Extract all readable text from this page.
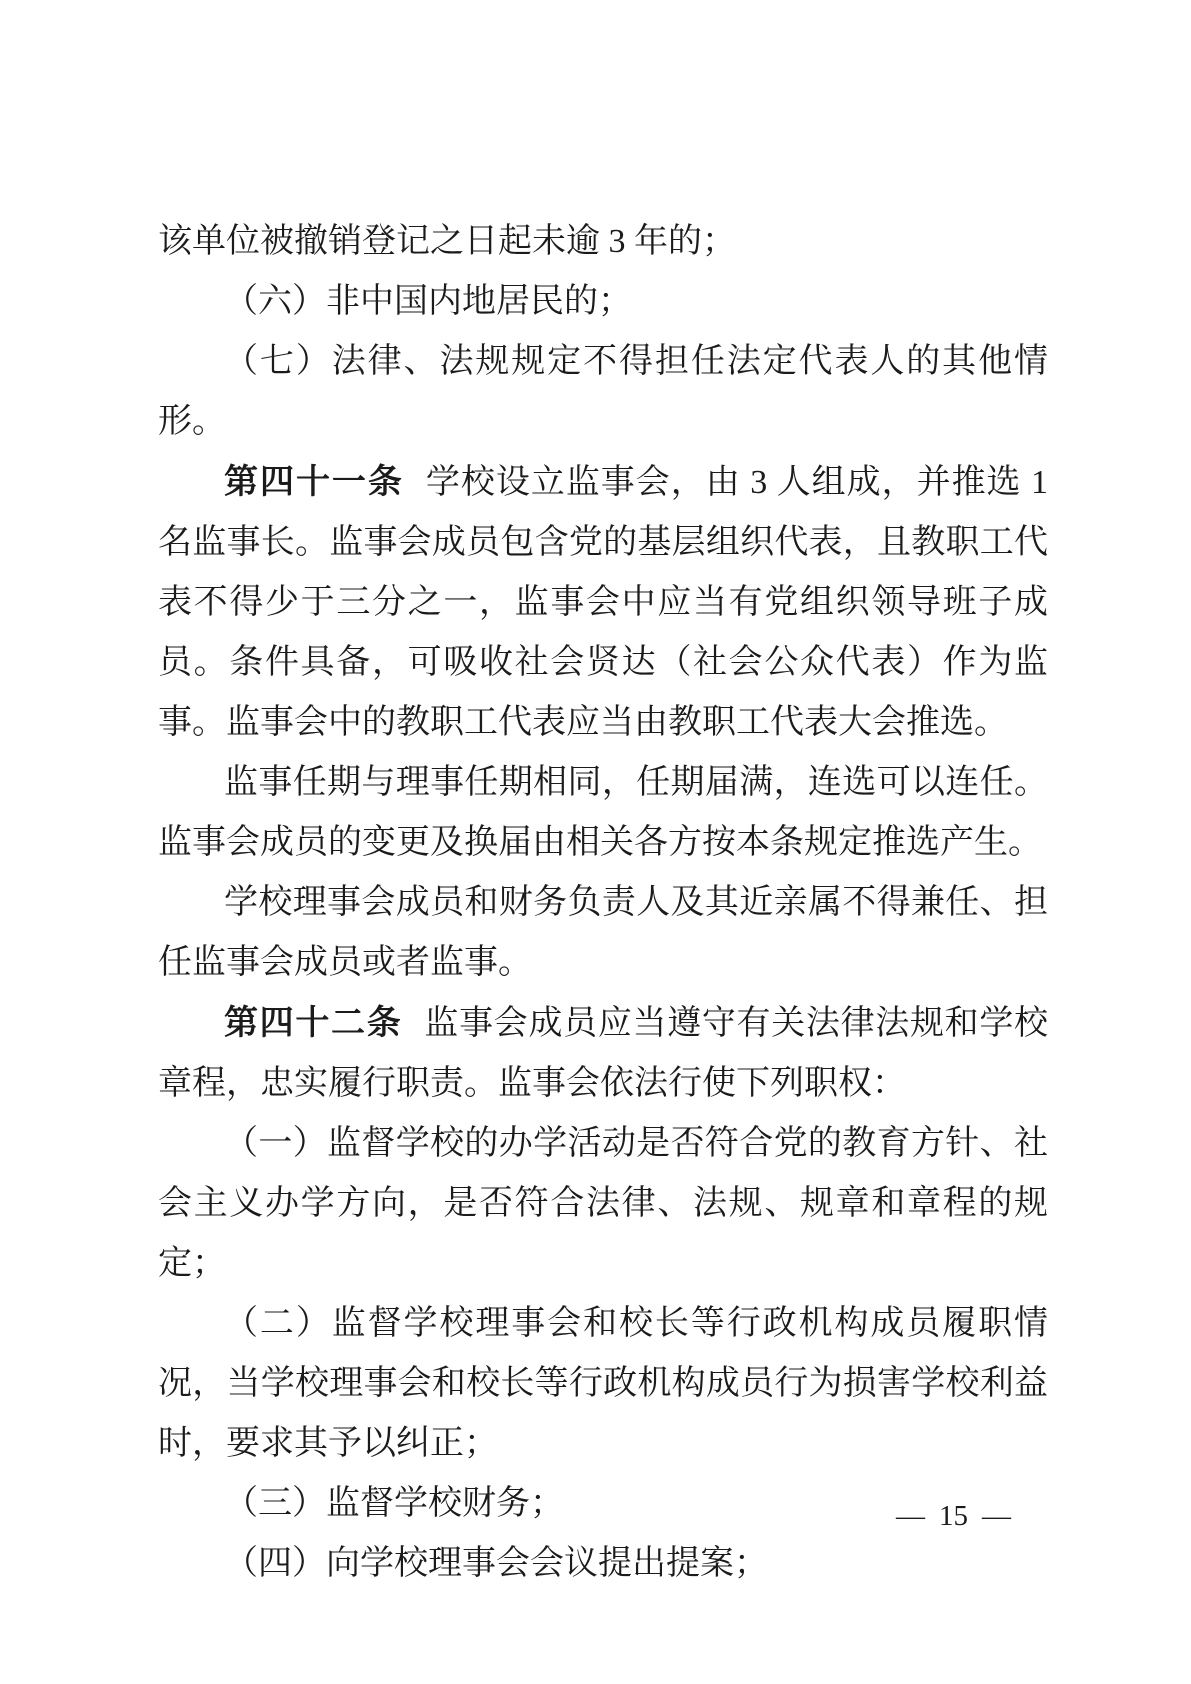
该单位被撤销登记之日起未逾 3 年的；

（六）非中国内地居民的；

（七）法律、法规规定不得担任法定代表人的其他情形。

第四十一条 学校设立监事会，由 3 人组成，并推选 1 名监事长。监事会成员包含党的基层组织代表，且教职工代表不得少于三分之一，监事会中应当有党组织领导班子成员。条件具备，可吸收社会贤达（社会公众代表）作为监事。监事会中的教职工代表应当由教职工代表大会推选。

监事任期与理事任期相同，任期届满，连选可以连任。监事会成员的变更及换届由相关各方按本条规定推选产生。

学校理事会成员和财务负责人及其近亲属不得兼任、担任监事会成员或者监事。

第四十二条 监事会成员应当遵守有关法律法规和学校章程，忠实履行职责。监事会依法行使下列职权：

（一）监督学校的办学活动是否符合党的教育方针、社会主义办学方向，是否符合法律、法规、规章和章程的规定；

（二）监督学校理事会和校长等行政机构成员履职情况，当学校理事会和校长等行政机构成员行为损害学校利益时，要求其予以纠正；

（三）监督学校财务；

（四）向学校理事会会议提出提案；

— 15 —
